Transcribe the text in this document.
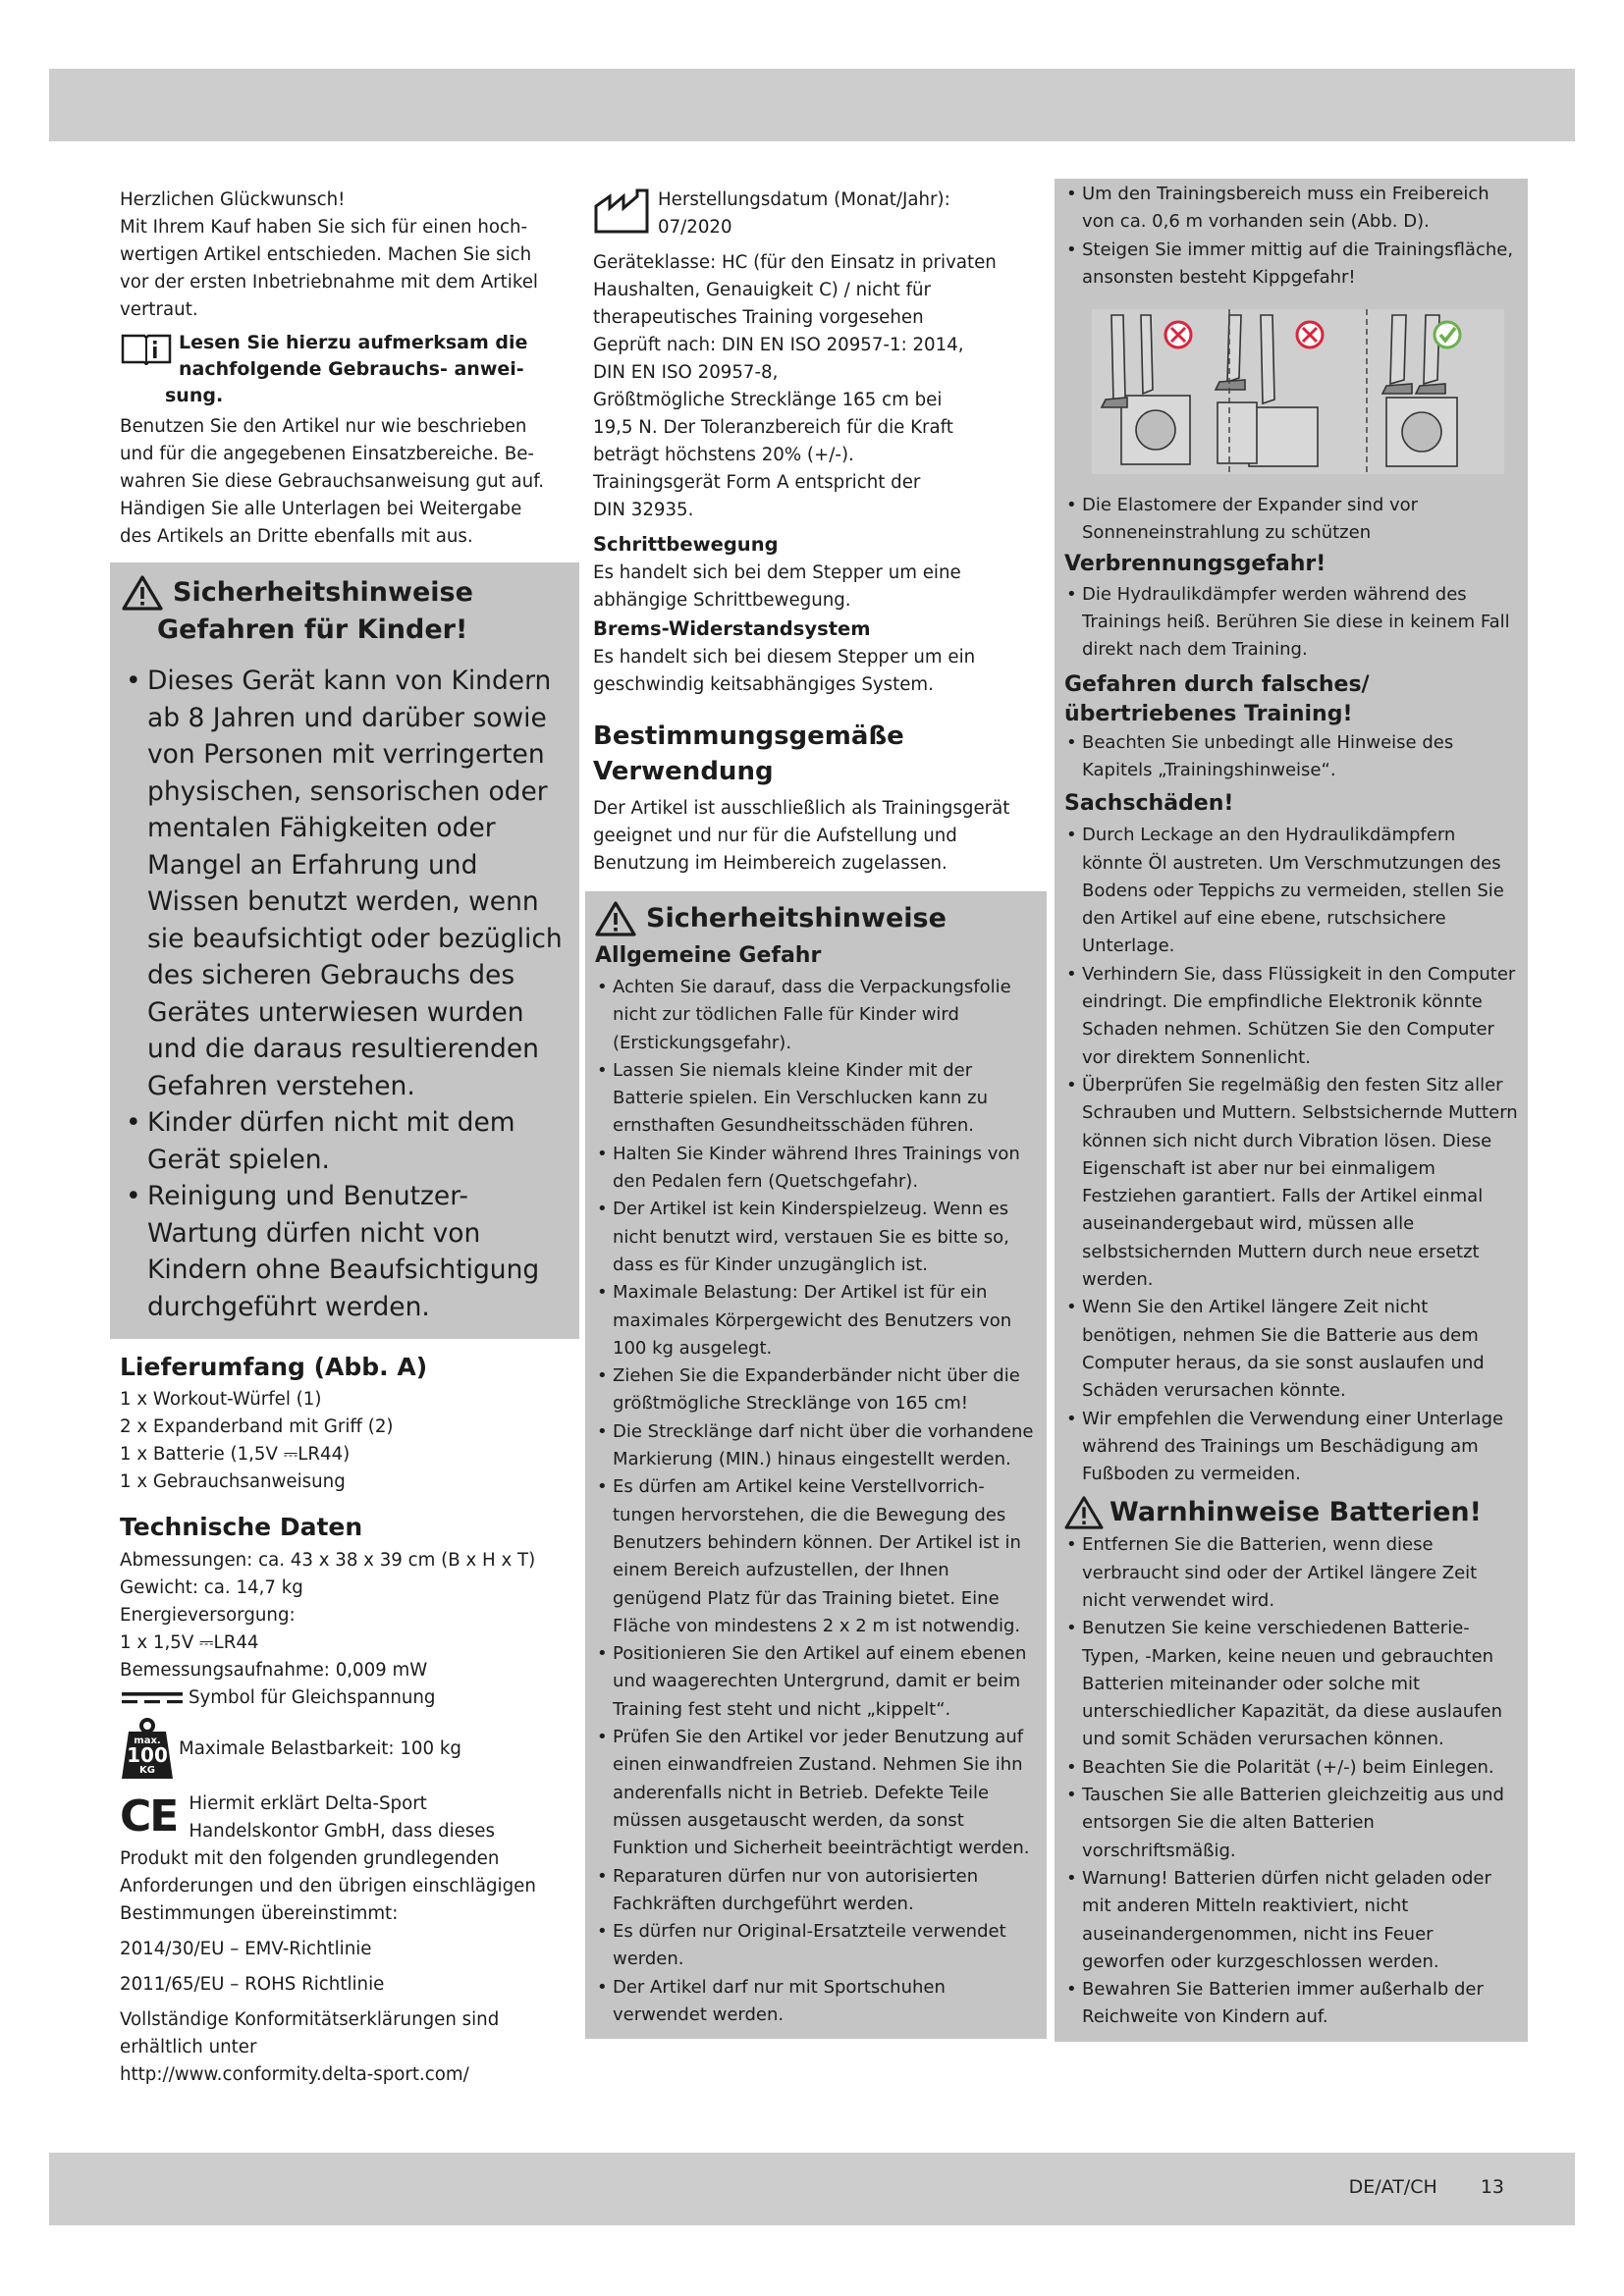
Herzlichen Glückwunsch!

Mit Ihrem Kauf haben Sie sich für einen hoch-

wertigen Artikel entschieden. Machen Sie sich

vor der ersten Inbetriebnahme mit dem Artikel

vertraut.

Lesen Sie hierzu aufmerksam die

nachfolgende Gebrauchs- anwei-

sung.

Benutzen Sie den Artikel nur wie beschrieben

und für die angegebenen Einsatzbereiche. Be-

wahren Sie diese Gebrauchsanweisung gut auf.

Händigen Sie alle Unterlagen bei Weitergabe

des Artikels an Dritte ebenfalls mit aus.

Sicherheitshinweise
Gefahren für Kinder!
• Dieses Gerät kann von Kindern ab 8 Jahren und darüber sowie von Personen mit verringerten physischen, sensorischen oder mentalen Fähigkeiten oder Mangel an Erfahrung und Wissen benutzt werden, wenn sie beaufsichtigt oder bezüglich des sicheren Gebrauchs des Gerätes unterwiesen wurden und die daraus resultierenden Gefahren verstehen.
• Kinder dürfen nicht mit dem Gerät spielen.
• Reinigung und Benutzer-Wartung dürfen nicht von Kindern ohne Beaufsichtigung durchgeführt werden.

Lieferumfang (Abb. A)

1 x Workout-Würfel (1)

2 x Expanderband mit Griff (2)

1 x Batterie (1,5V ⎓LR44)

1 x Gebrauchsanweisung

Technische Daten

Abmessungen: ca. 43 x 38 x 39 cm (B x H x T)

Gewicht: ca. 14,7 kg

Energieversorgung:

1 x 1,5V ⎓LR44

Bemessungsaufnahme: 0,009 mW

Symbol für Gleichspannung
max.
100
KG
Maximale Belastbarkeit: 100 kg
CE Hiermit erklärt Delta-Sport

Handelskontor GmbH, dass dieses

Produkt mit den folgenden grundlegenden

Anforderungen und den übrigen einschlägigen

Bestimmungen übereinstimmt:

2014/30/EU – EMV-Richtlinie

2011/65/EU – ROHS Richtlinie

Vollständige Konformitätserklärungen sind

erhältlich unter

http://www.conformity.delta-sport.com/

Herstellungsdatum (Monat/Jahr):

07/2020

Geräteklasse: HC (für den Einsatz in privaten

Haushalten, Genauigkeit C) / nicht für

therapeutisches Training vorgesehen

Geprüft nach: DIN EN ISO 20957-1: 2014,

DIN EN ISO 20957-8,

Größtmögliche Strecklänge 165 cm bei

19,5 N. Der Toleranzbereich für die Kraft

beträgt höchstens 20% (+/-).

Trainingsgerät Form A entspricht der

DIN 32935.

Schrittbewegung

Es handelt sich bei dem Stepper um eine

abhängige Schrittbewegung.

Brems-Widerstandsystem

Es handelt sich bei diesem Stepper um ein

geschwindig keitsabhängiges System.

Bestimmungsgemäße

Verwendung

Der Artikel ist ausschließlich als Trainingsgerät

geeignet und nur für die Aufstellung und

Benutzung im Heimbereich zugelassen.

Sicherheitshinweise

Allgemeine Gefahr

• Achten Sie darauf, dass die Verpackungsfolie nicht zur tödlichen Falle für Kinder wird (Erstickungsgefahr).
• Lassen Sie niemals kleine Kinder mit der Batterie spielen. Ein Verschlucken kann zu ernsthaften Gesundheitsschäden führen.
• Halten Sie Kinder während Ihres Trainings von den Pedalen fern (Quetschgefahr).
• Der Artikel ist kein Kinderspielzeug. Wenn es nicht benutzt wird, verstauen Sie es bitte so, dass es für Kinder unzugänglich ist.
• Maximale Belastung: Der Artikel ist für ein maximales Körpergewicht des Benutzers von 100 kg ausgelegt.
• Ziehen Sie die Expanderbänder nicht über die größtmögliche Strecklänge von 165 cm!
• Die Strecklänge darf nicht über die vorhandene Markierung (MIN.) hinaus eingestellt werden.
• Es dürfen am Artikel keine Verstellvorrich- tungen hervorstehen, die die Bewegung des Benutzers behindern können. Der Artikel ist in einem Bereich aufzustellen, der Ihnen genügend Platz für das Training bietet. Eine Fläche von mindestens 2 x 2 m ist notwendig.
• Positionieren Sie den Artikel auf einem ebenen und waagerechten Untergrund, damit er beim Training fest steht und nicht „kippelt“.
• Prüfen Sie den Artikel vor jeder Benutzung auf einen einwandfreien Zustand. Nehmen Sie ihn anderenfalls nicht in Betrieb. Defekte Teile müssen ausgetauscht werden, da sonst Funktion und Sicherheit beeinträchtigt werden.
• Reparaturen dürfen nur von autorisierten Fachkräften durchgeführt werden.
• Es dürfen nur Original-Ersatzteile verwendet werden.
• Der Artikel darf nur mit Sportschuhen verwendet werden.
• Um den Trainingsbereich muss ein Freibereich von ca. 0,6 m vorhanden sein (Abb. D).
• Steigen Sie immer mittig auf die Trainingsfläche, ansonsten besteht Kippgefahr!
• Die Elastomere der Expander sind vor Sonneneinstrahlung zu schützen

Verbrennungsgefahr!

• Die Hydraulikdämpfer werden während des Trainings heiß. Berühren Sie diese in keinem Fall direkt nach dem Training.

Gefahren durch falsches/

übertriebenes Training!

• Beachten Sie unbedingt alle Hinweise des Kapitels „Trainingshinweise“.

Sachschäden!

• Durch Leckage an den Hydraulikdämpfern könnte Öl austreten. Um Verschmutzungen des Bodens oder Teppichs zu vermeiden, stellen Sie den Artikel auf eine ebene, rutschsichere Unterlage.
• Verhindern Sie, dass Flüssigkeit in den Computer eindringt. Die empfindliche Elektronik könnte Schaden nehmen. Schützen Sie den Computer vor direktem Sonnenlicht.
• Überprüfen Sie regelmäßig den festen Sitz aller Schrauben und Muttern. Selbstsichernde Muttern können sich nicht durch Vibration lösen. Diese Eigenschaft ist aber nur bei einmaligem Festziehen garantiert. Falls der Artikel einmal auseinandergebaut wird, müssen alle selbstsichernden Muttern durch neue ersetzt werden.
• Wenn Sie den Artikel längere Zeit nicht benötigen, nehmen Sie die Batterie aus dem Computer heraus, da sie sonst auslaufen und Schäden verursachen könnte.
• Wir empfehlen die Verwendung einer Unterlage während des Trainings um Beschädigung am Fußboden zu vermeiden.
Warnhinweise Batterien!
• Entfernen Sie die Batterien, wenn diese verbraucht sind oder der Artikel längere Zeit nicht verwendet wird.
• Benutzen Sie keine verschiedenen Batterie- Typen, -Marken, keine neuen und gebrauchten Batterien miteinander oder solche mit unterschiedlicher Kapazität, da diese auslaufen und somit Schäden verursachen können.
• Beachten Sie die Polarität (+/-) beim Einlegen.
• Tauschen Sie alle Batterien gleichzeitig aus und entsorgen Sie die alten Batterien vorschriftsmäßig.
• Warnung! Batterien dürfen nicht geladen oder mit anderen Mitteln reaktiviert, nicht auseinandergenommen, nicht ins Feuer geworfen oder kurzgeschlossen werden.
• Bewahren Sie Batterien immer außerhalb der Reichweite von Kindern auf.
DE/AT/CH 13
